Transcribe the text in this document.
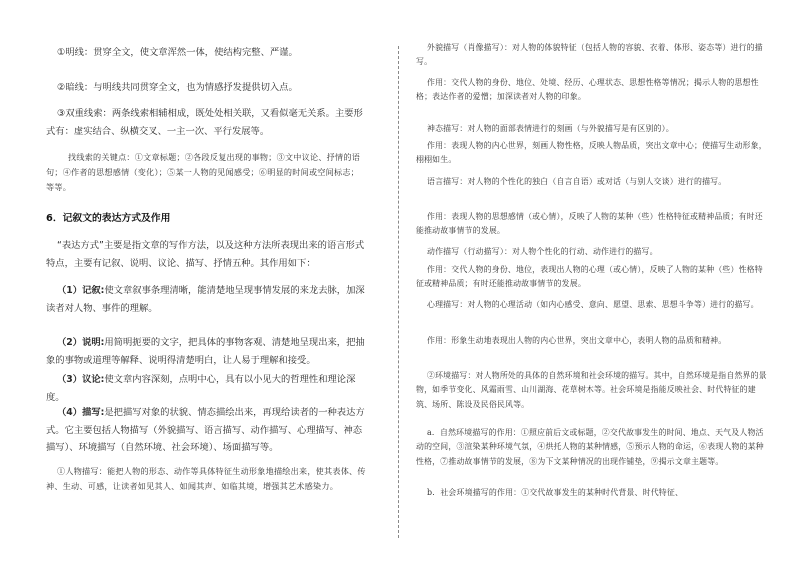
①明线：贯穿全文，使文章浑然一体，使结构完整、严谨。

②暗线：与明线共同贯穿全文，也为情感抒发提供切入点。

③双重线索：两条线索相辅相成，既处处相关联，又看似毫无关系。主要形式有：虚实结合、纵横交叉、一主一次、平行发展等。

找线索的关键点：①文章标题；②各段反复出现的事物；③文中议论、抒情的语句；④作者的思想感情（变化）；⑤某一人物的见闻感受；⑥明显的时间或空间标志；等等。

6．记叙文的表达方式及作用

“表达方式”主要是指文章的写作方法，以及这种方法所表现出来的语言形式特点，主要有记叙、说明、议论、描写、抒情五种。其作用如下：

（1）记叙:使文章叙事条理清晰，能清楚地呈现事情发展的来龙去脉，加深读者对人物、事件的理解。

（2）说明:用简明扼要的文字，把具体的事物客观、清楚地呈现出来，把抽象的事物或道理等解释、说明得清楚明白，让人易于理解和接受。

（3）议论:使文章内容深刻，点明中心，具有以小见大的哲理性和理论深度。

（4）描写:是把描写对象的状貌、情态描绘出来，再现给读者的一种表达方式。它主要包括人物描写（外貌描写、语言描写、动作描写、心理描写、神态描写）、环境描写（自然环境、社会环境）、场面描写等。

①人物描写：能把人物的形态、动作等具体特征生动形象地描绘出来，使其表体、传神、生动、可感，让读者如见其人、如闻其声、如临其境，增强其艺术感染力。

外貌描写（肖像描写）：对人物的体貌特征（包括人物的容貌、衣着、体形、姿态等）进行的描写。

作用：交代人物的身份、地位、处境、经历、心理状态、思想性格等情况；揭示人物的思想性格；表达作者的爱憎；加深读者对人物的印象。

神态描写：对人物的面部表情进行的刻画（与外貌描写是有区别的）。

作用：表现人物的内心世界，刻画人物性格，反映人物品质，突出文章中心；使描写生动形象，栩栩如生。

语言描写：对人物的个性化的独白（自言自语）或对话（与别人交谈）进行的描写。

作用：表现人物的思想感情（或心情），反映了人物的某种（些）性格特征或精神品质；有时还能推动故事情节的发展。

动作描写（行动描写）：对人物个性化的行动、动作进行的描写。

作用：交代人物的身份、地位，表现出人物的心理（或心情），反映了人物的某种（些）性格特征或精神品质；有时还能推动故事情节的发展。

心理描写：对人物的心理活动（如内心感受、意向、愿望、思索、思想斗争等）进行的描写。

作用：形象生动地表现出人物的内心世界，突出文章中心，表明人物的品质和精神。

②环境描写：对人物所处的具体的自然环境和社会环境的描写。其中，自然环境是指自然界的景物，如季节变化、风霜雨雪、山川湖海、花草树木等。社会环境是指能反映社会、时代特征的建筑、场所、陈设及民俗民风等。

a．自然环境描写的作用：①照应前后文或标题，②交代故事发生的时间、地点、天气及人物活动的空间，③渲染某种环境气氛，④烘托人物的某种情感，⑤预示人物的命运，⑥表现人物的某种性格，⑦推动故事情节的发展，⑧为下文某种情况的出现作铺垫，⑨揭示文章主题等。

b．社会环境描写的作用：①交代故事发生的某种时代背景、时代特征、
